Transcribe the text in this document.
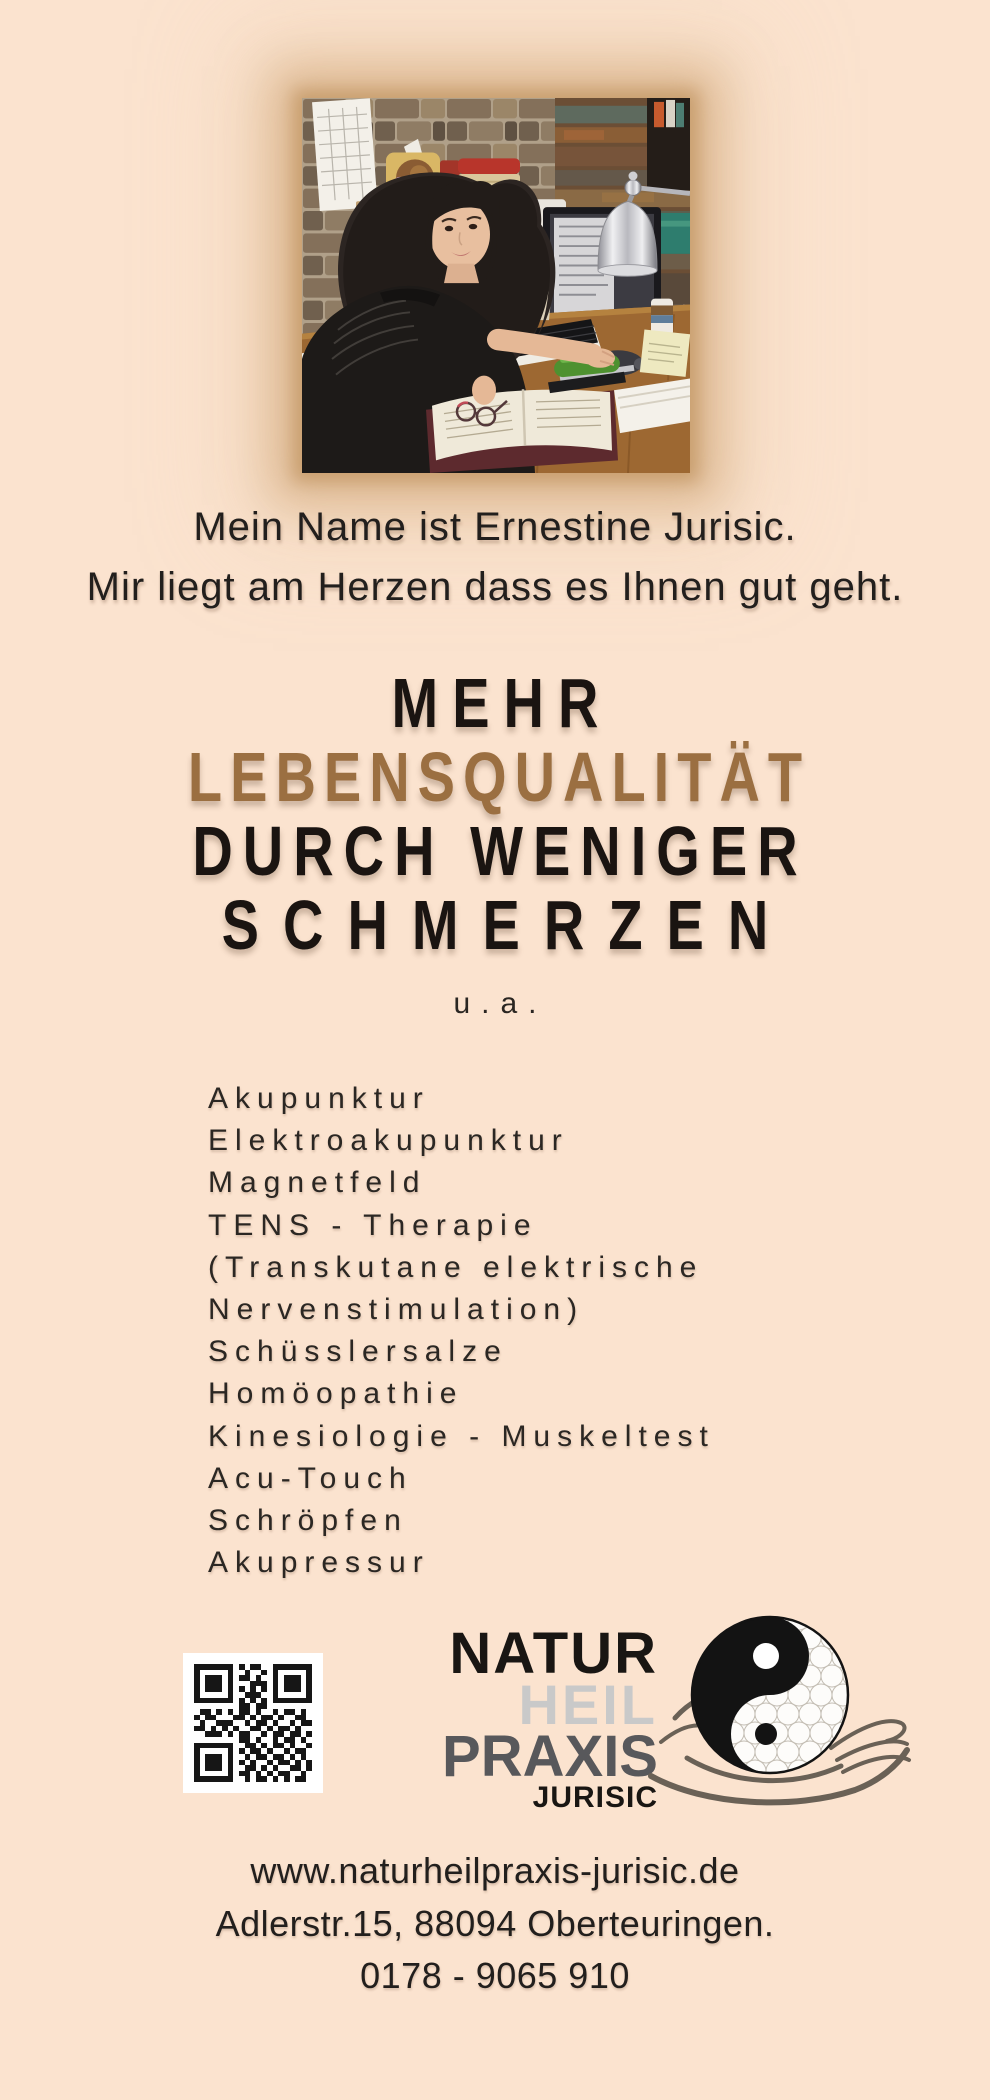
Mein Name ist Ernestine Jurisic.
Mir liegt am Herzen dass es Ihnen gut geht.
MEHR
LEBENSQUALITÄT
DURCH WENIGER
SCHMERZEN
u.a.
Akupunktur
Elektroakupunktur
Magnetfeld
TENS - Therapie
(Transkutane elektrische
Nervenstimulation)
Schüsslersalze
Homöopathie
Kinesiologie - Muskeltest
Acu-Touch
Schröpfen
Akupressur
NATUR
HEIL
PRAXIS
JURISIC
www.naturheilpraxis-jurisic.de
Adlerstr.15, 88094 Oberteuringen.
0178 - 9065 910
